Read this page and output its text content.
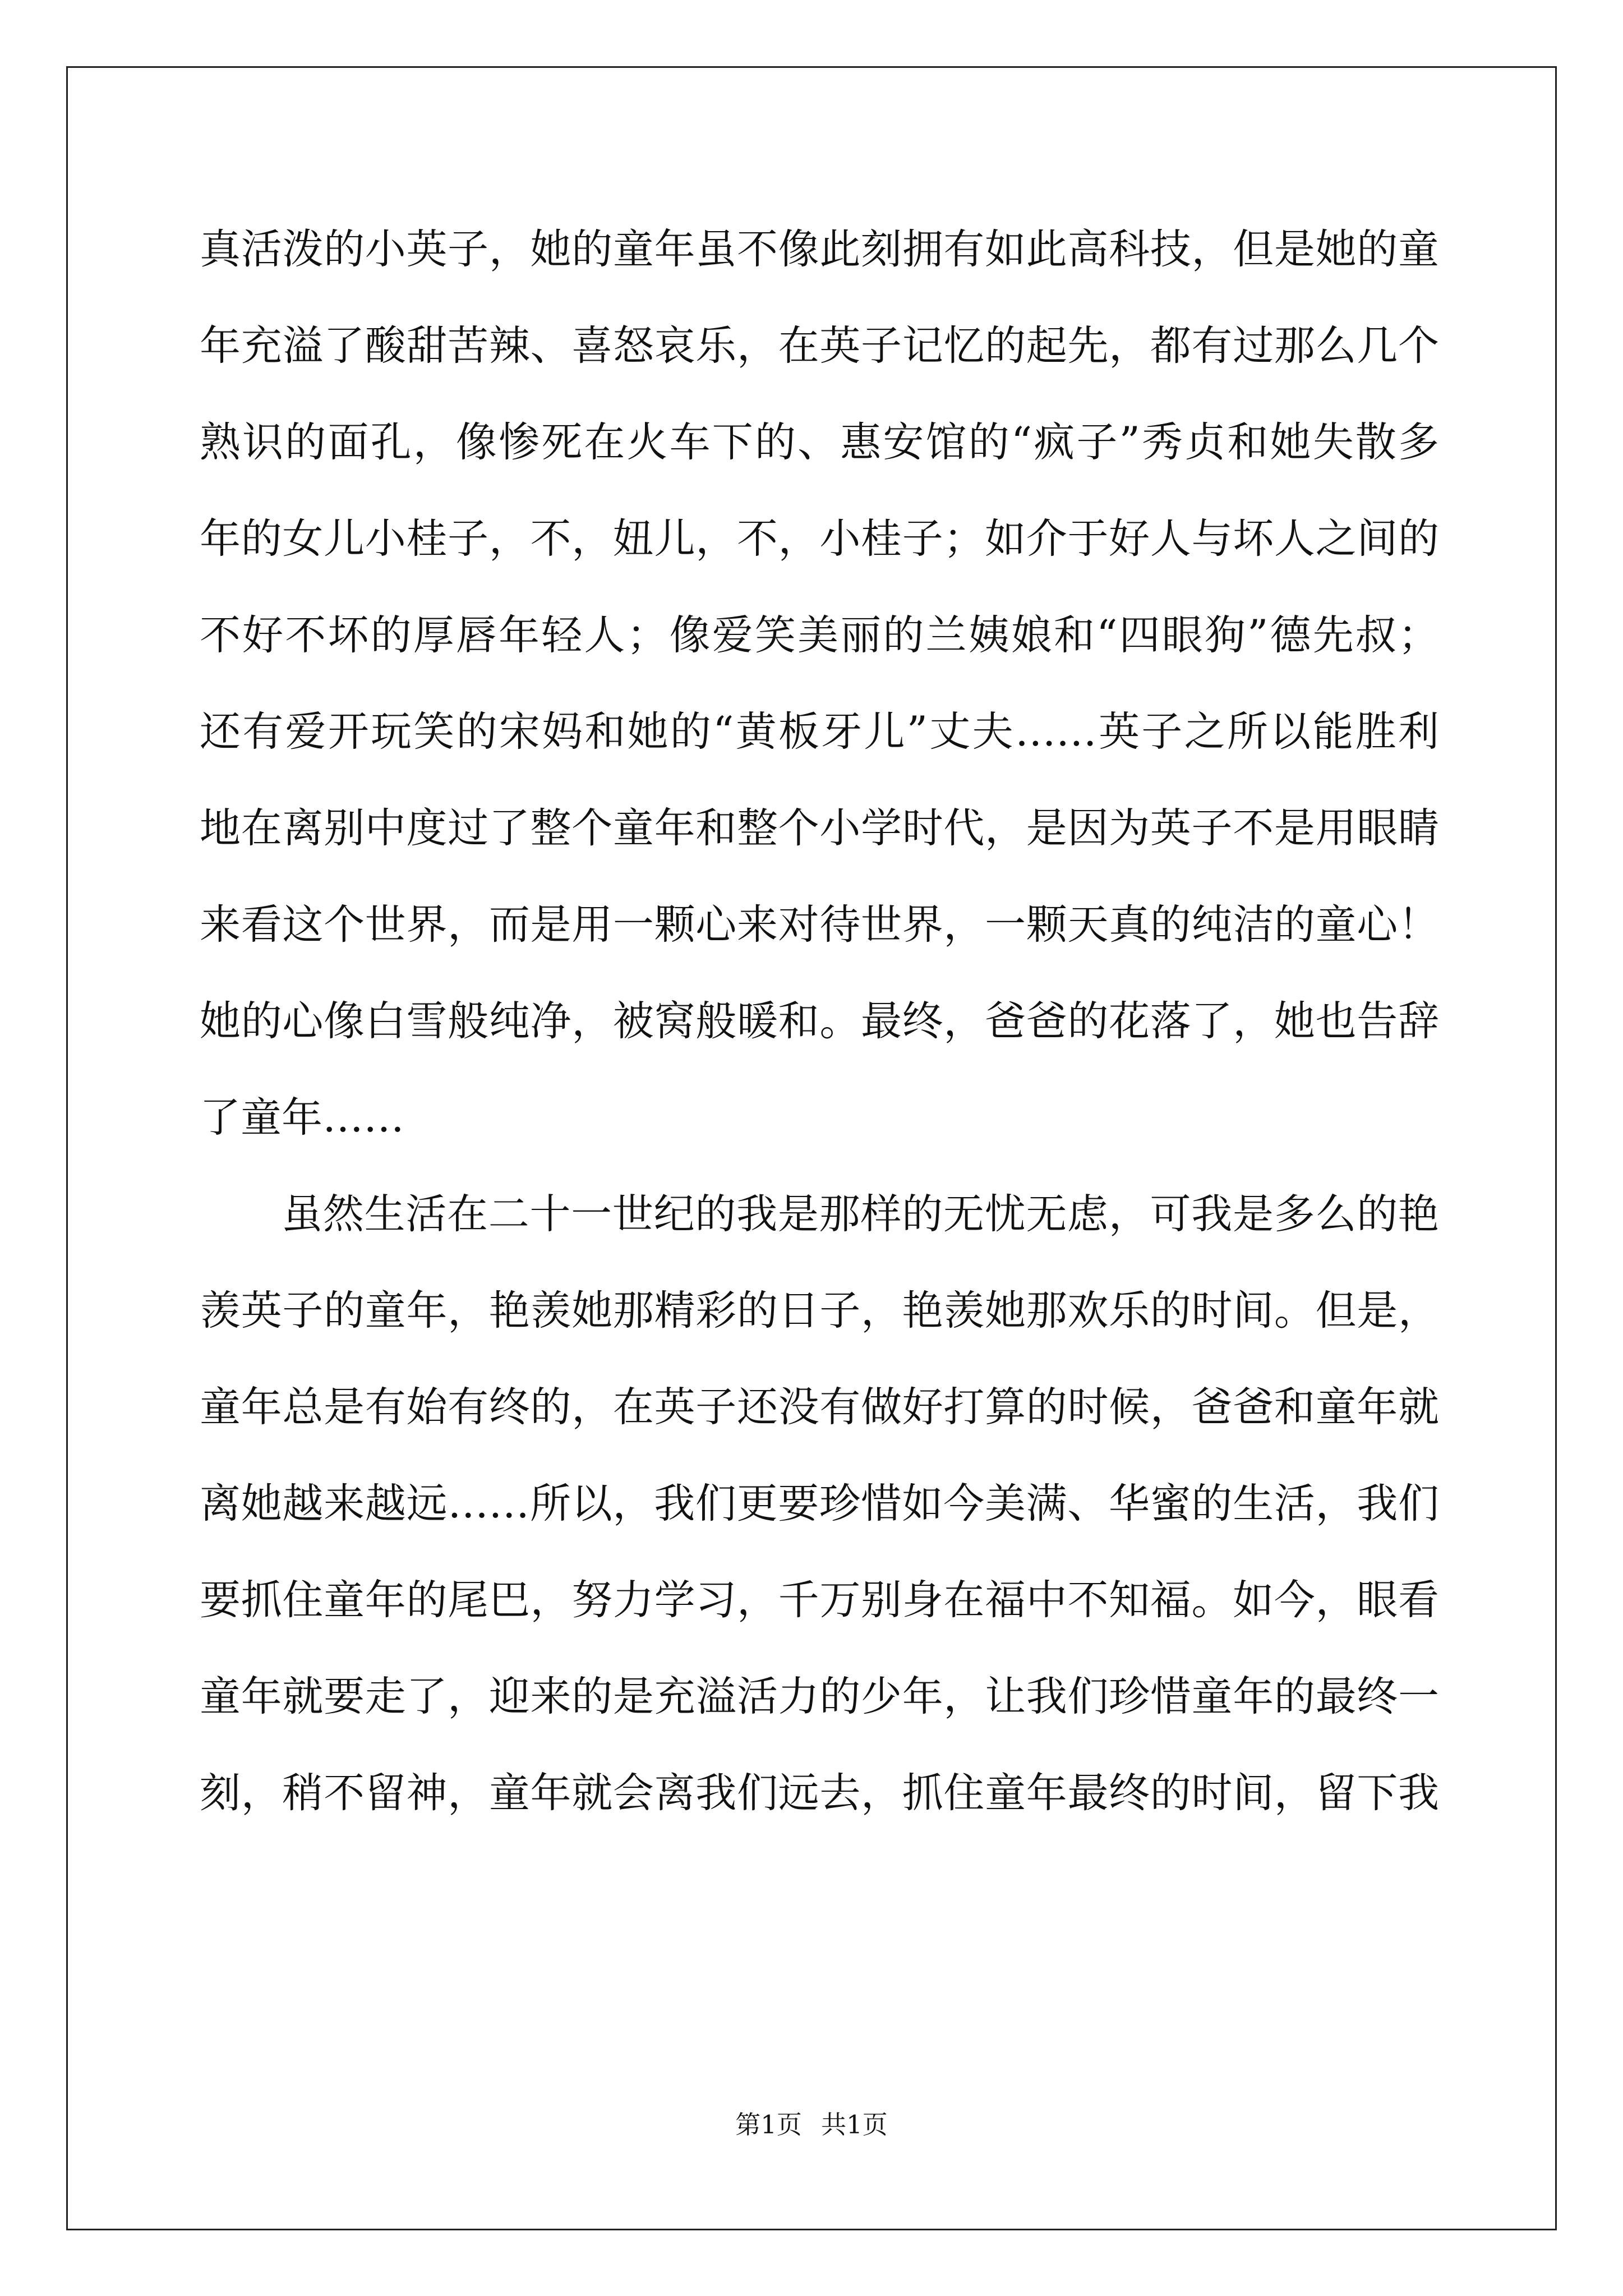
真活泼的小英子，她的童年虽不像此刻拥有如此高科技，但是她的童
年充溢了酸甜苦辣、喜怒哀乐，在英子记忆的起先，都有过那么几个
熟识的面孔，像惨死在火车下的、惠安馆的“疯子”秀贞和她失散多
年的女儿小桂子，不，妞儿，不，小桂子；如介于好人与坏人之间的
不好不坏的厚唇年轻人；像爱笑美丽的兰姨娘和“四眼狗”德先叔；
还有爱开玩笑的宋妈和她的“黄板牙儿”丈夫……英子之所以能胜利
地在离别中度过了整个童年和整个小学时代，是因为英子不是用眼睛
来看这个世界，而是用一颗心来对待世界，一颗天真的纯洁的童心！
她的心像白雪般纯净，被窝般暖和。最终，爸爸的花落了，她也告辞
了童年……
虽然生活在二十一世纪的我是那样的无忧无虑，可我是多么的艳
羡英子的童年，艳羡她那精彩的日子，艳羡她那欢乐的时间。但是，
童年总是有始有终的，在英子还没有做好打算的时候，爸爸和童年就
离她越来越远……所以，我们更要珍惜如今美满、华蜜的生活，我们
要抓住童年的尾巴，努力学习，千万别身在福中不知福。如今，眼看
童年就要走了，迎来的是充溢活力的少年，让我们珍惜童年的最终一
刻，稍不留神，童年就会离我们远去，抓住童年最终的时间，留下我
第1页 共1页
